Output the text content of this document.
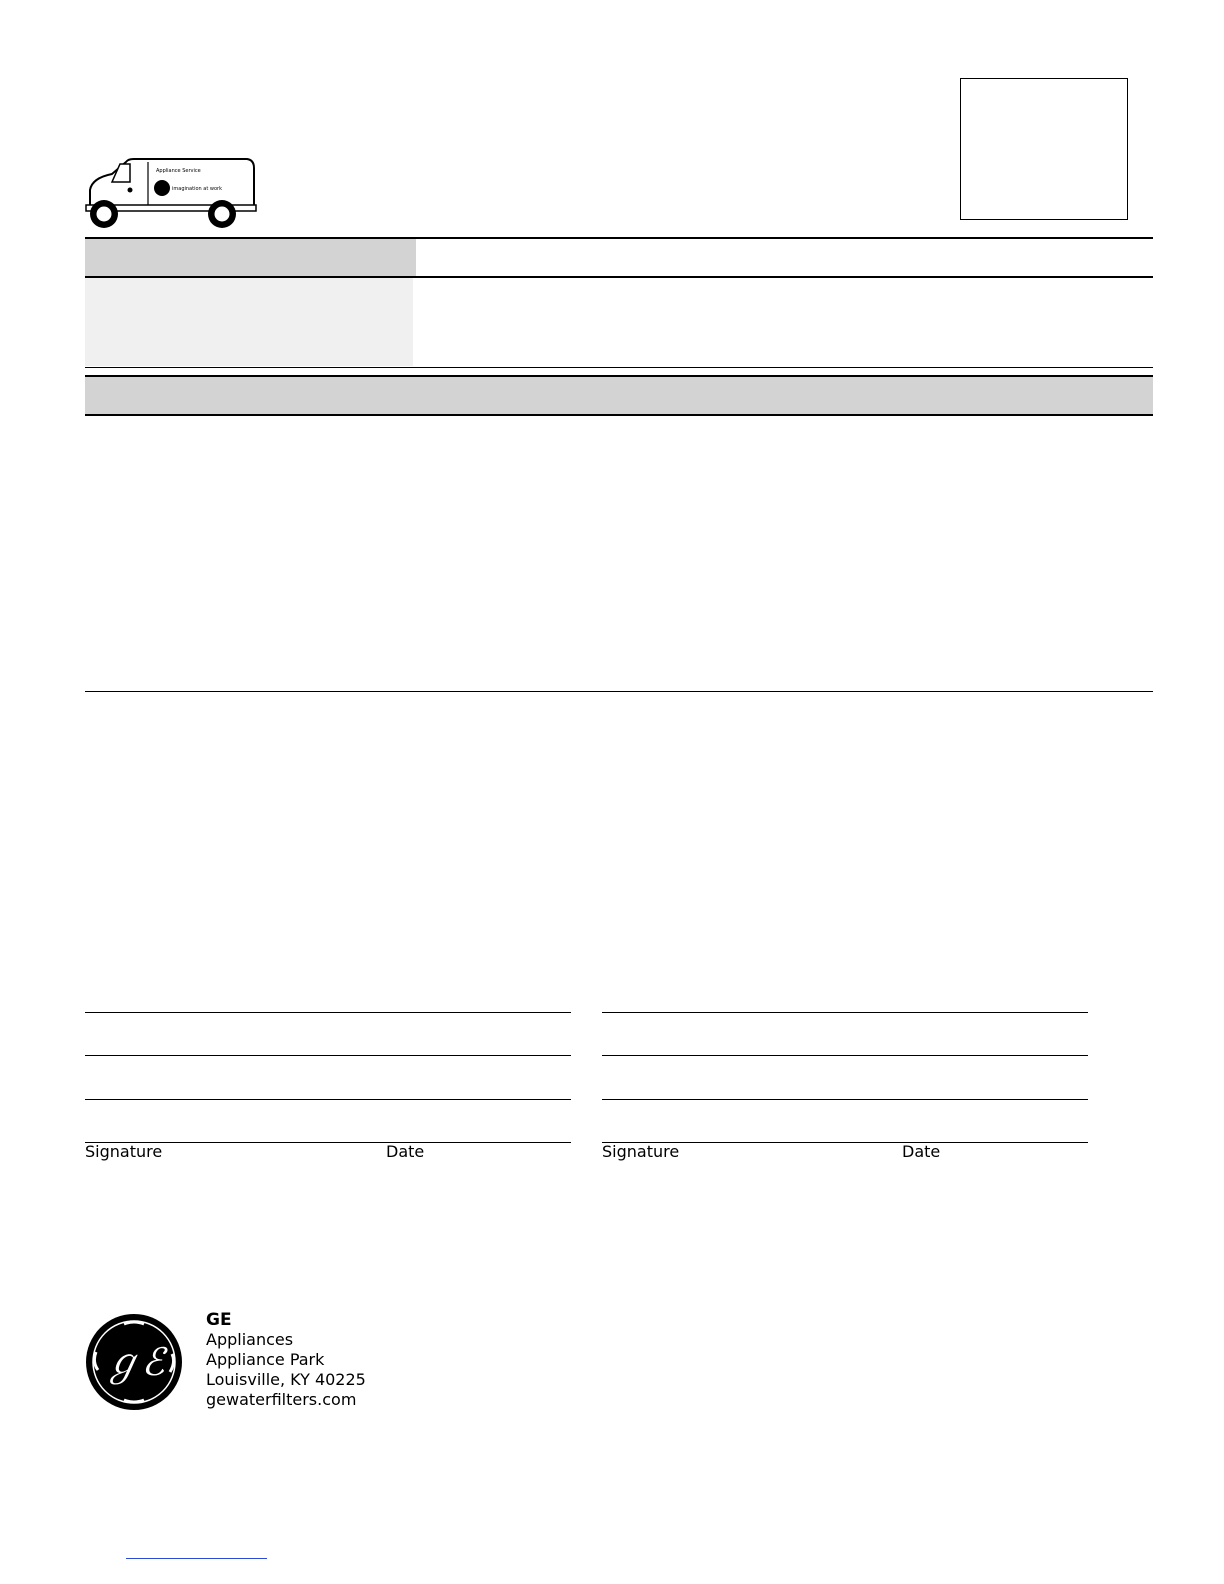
Appliance Service
imagination at work
Signature	Date	Signature	Date
ℊℰ
GE
Appliances
Appliance Park
Louisville, KY 40225
gewaterfilters.com
